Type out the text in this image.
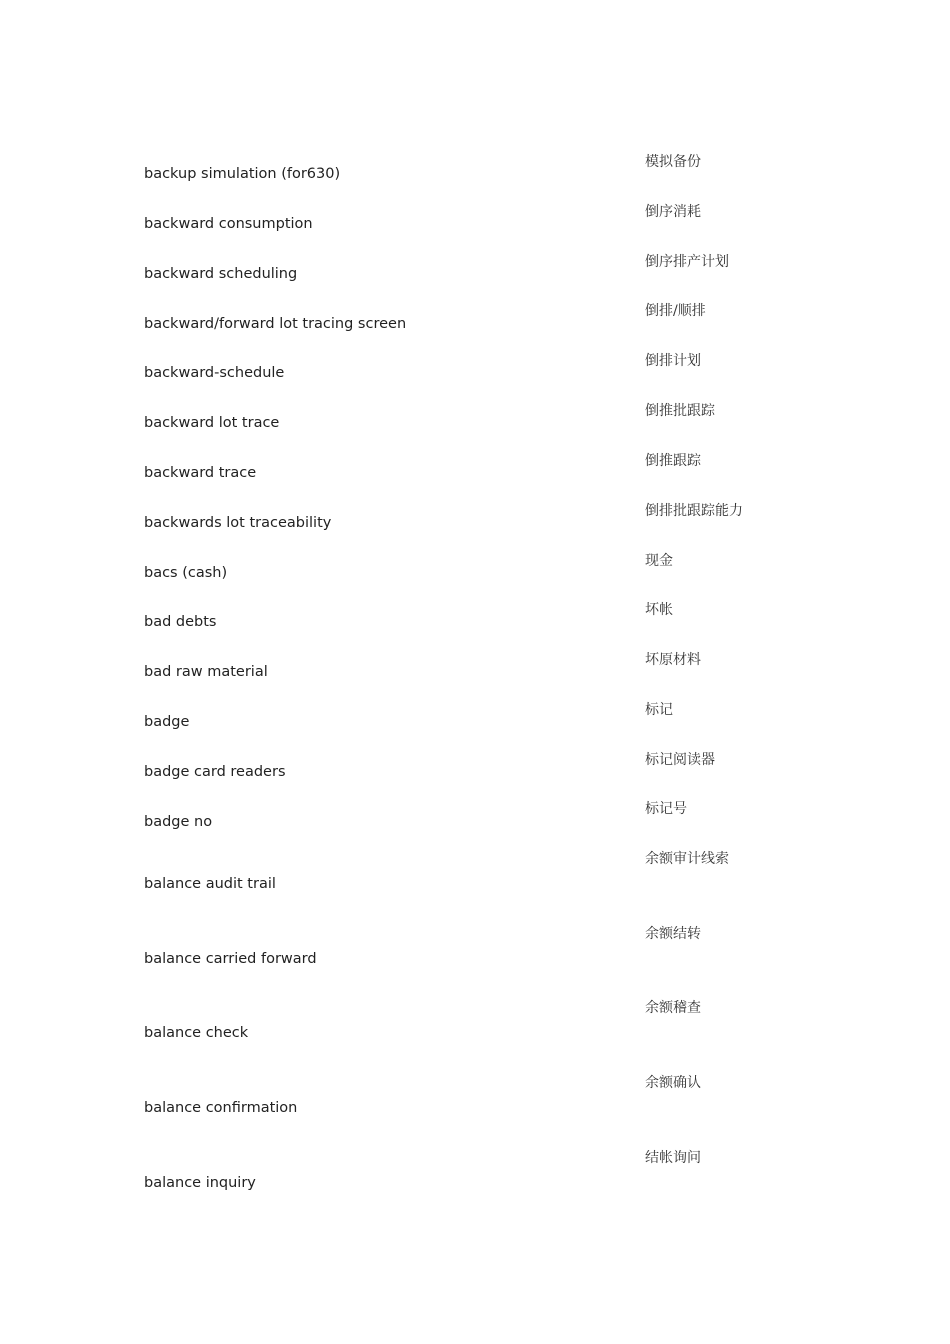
backup simulation (for630)
模拟备份
backward consumption
倒序消耗
backward scheduling
倒序排产计划
backward/forward lot tracing screen
倒排/顺排
backward-schedule
倒排计划
backward lot trace
倒推批跟踪
backward trace
倒推跟踪
backwards lot traceability
倒排批跟踪能力
bacs (cash)
现金
bad debts
坏帐
bad raw material
坏原材料
badge
标记
badge card readers
标记阅读器
badge no
标记号
balance audit trail
余额审计线索
balance carried forward
余额结转
balance check
余额稽查
balance confirmation
余额确认
balance inquiry
结帐询问
